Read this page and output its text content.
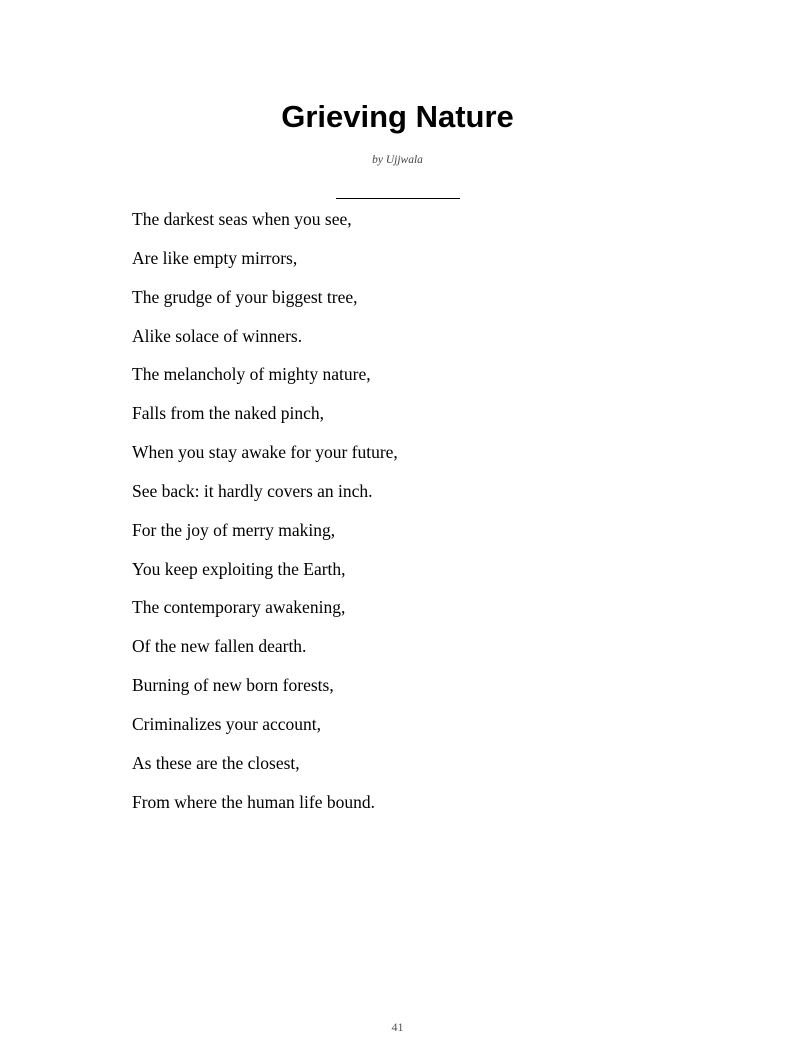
Grieving Nature
by Ujjwala
The darkest seas when you see,
Are like empty mirrors,
The grudge of your biggest tree,
Alike solace of winners.
The melancholy of mighty nature,
Falls from the naked pinch,
When you stay awake for your future,
See back: it hardly covers an inch.
For the joy of merry making,
You keep exploiting the Earth,
The contemporary awakening,
Of the new fallen dearth.
Burning of new born forests,
Criminalizes your account,
As these are the closest,
From where the human life bound.
41
